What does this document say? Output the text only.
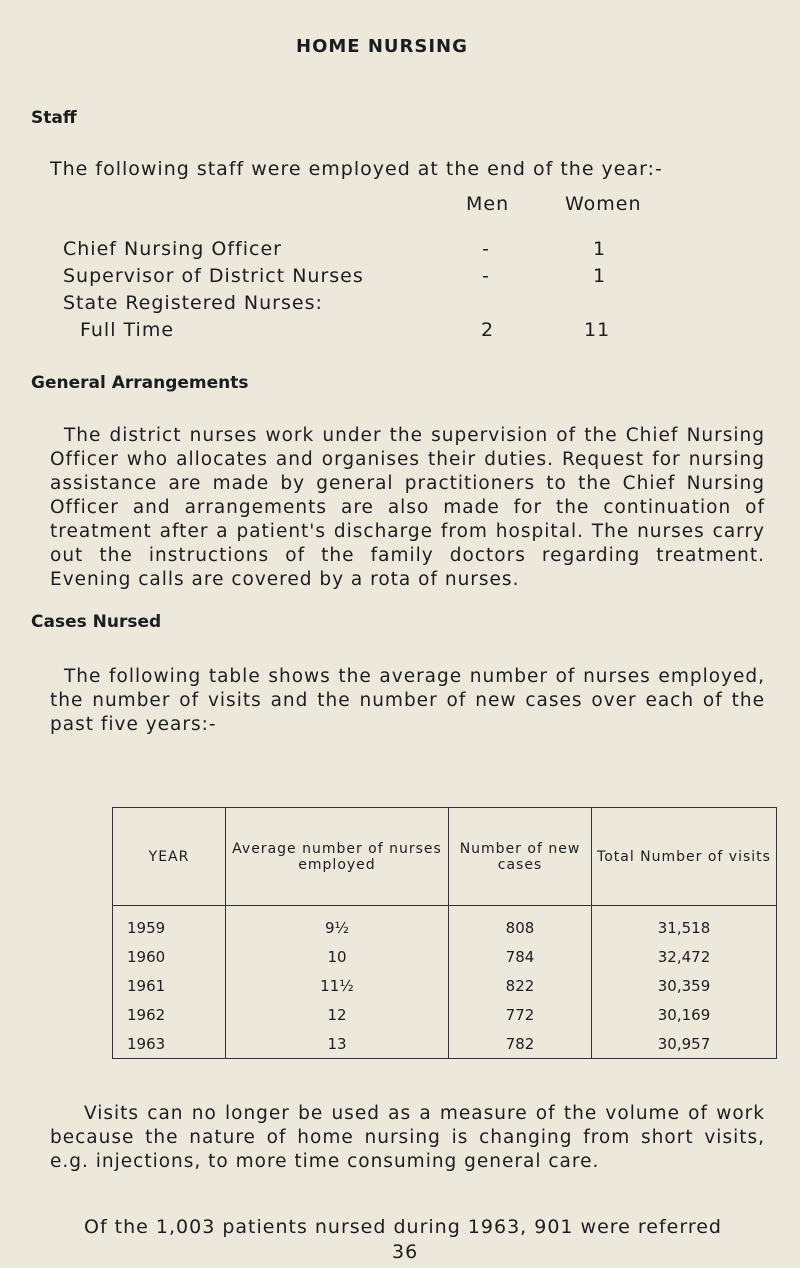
HOME NURSING
Staff
The following staff were employed at the end of the year:-
Men	Women
Chief Nursing Officer	-	1
Supervisor of District Nurses	-	1
State Registered Nurses:
Full Time	2	11
General Arrangements

The district nurses work under the supervision of the Chief Nursing Officer who allocates and organises their duties. Request for nursing assistance are made by general practitioners to the Chief Nursing Officer and arrangements are also made for the continuation of treatment after a patient's discharge from hospital. The nurses carry out the instructions of the family doctors regarding treatment. Evening calls are covered by a rota of nurses.

Cases Nursed

The following table shows the average number of nurses employed, the number of visits and the number of new cases over each of the past five years:-

YEAR	Average number of nurses employed	Number of new cases	Total Number of visits
1959	9½	808	31,518
1960	10	784	32,472
1961	11½	822	30,359
1962	12	772	30,169
1963	13	782	30,957

Visits can no longer be used as a measure of the volume of work because the nature of home nursing is changing from short visits, e.g. injections, to more time consuming general care.

Of the 1,003 patients nursed during 1963, 901 were referred
36
